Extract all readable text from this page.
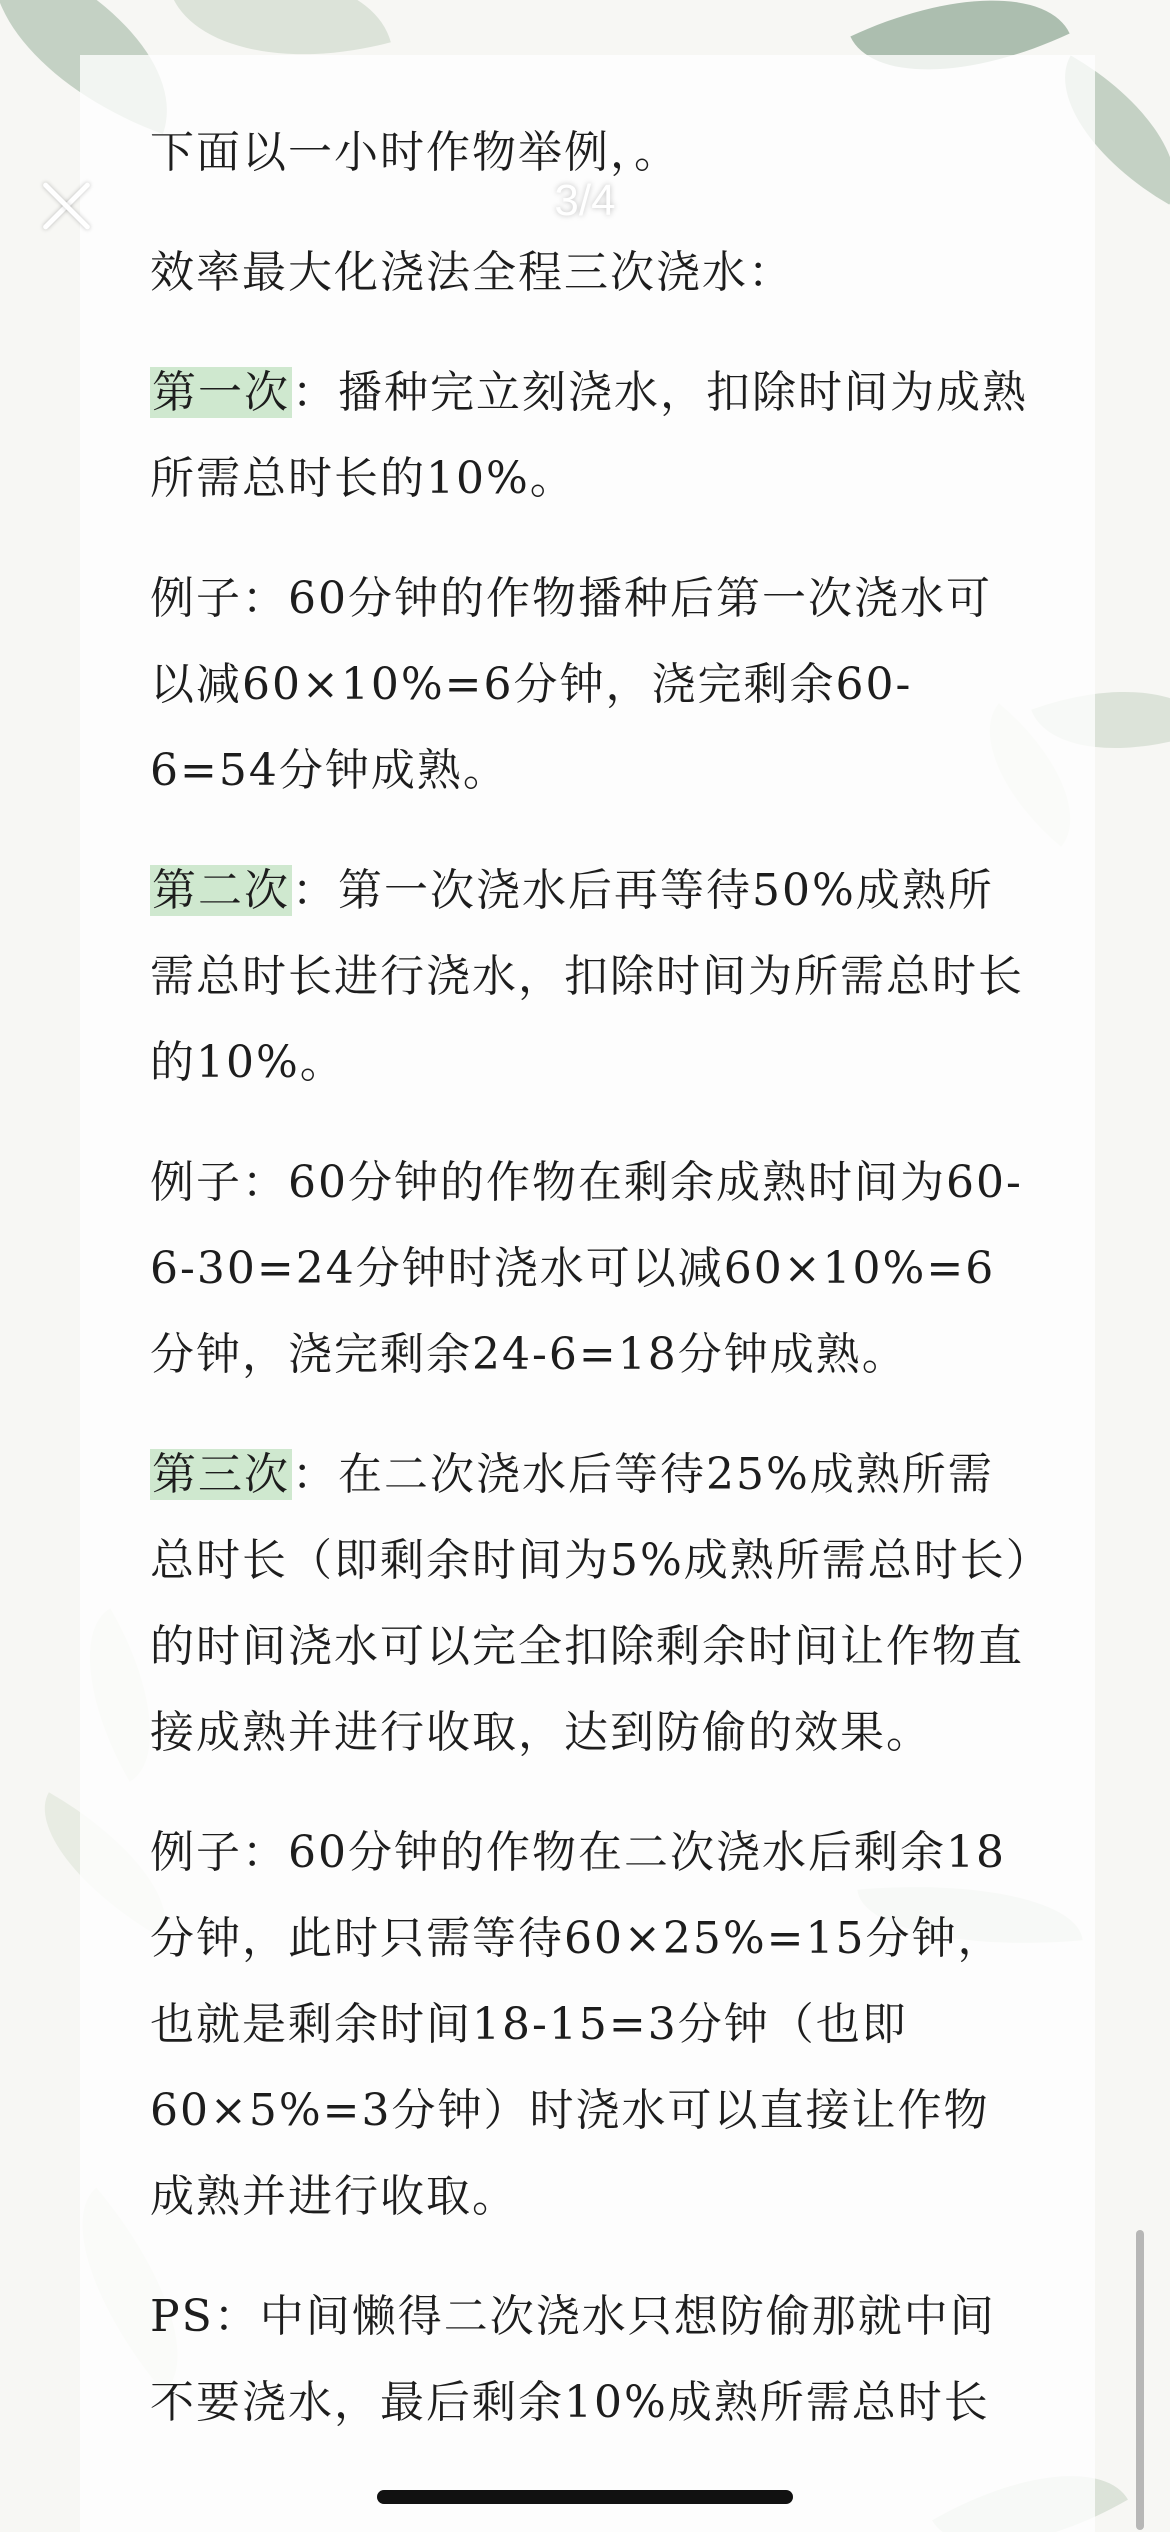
下面以一小时作物举例，。

效率最大化浇法全程三次浇水：

第一次：播种完立刻浇水，扣除时间为成熟所需总时长的10%。

例子：60分钟的作物播种后第一次浇水可以减60×10%=6分钟，浇完剩余60-6=54分钟成熟。

第二次：第一次浇水后再等待50%成熟所需总时长进行浇水，扣除时间为所需总时长的10%。

例子：60分钟的作物在剩余成熟时间为60-6-30=24分钟时浇水可以减60×10%=6分钟，浇完剩余24-6=18分钟成熟。

第三次：在二次浇水后等待25%成熟所需总时长（即剩余时间为5%成熟所需总时长）的时间浇水可以完全扣除剩余时间让作物直接成熟并进行收取，达到防偷的效果。

例子：60分钟的作物在二次浇水后剩余18分钟，此时只需等待60×25%=15分钟，也就是剩余时间18-15=3分钟（也即60×5%=3分钟）时浇水可以直接让作物成熟并进行收取。

PS：中间懒得二次浇水只想防偷那就中间不要浇水，最后剩余10%成熟所需总时长

3/4
